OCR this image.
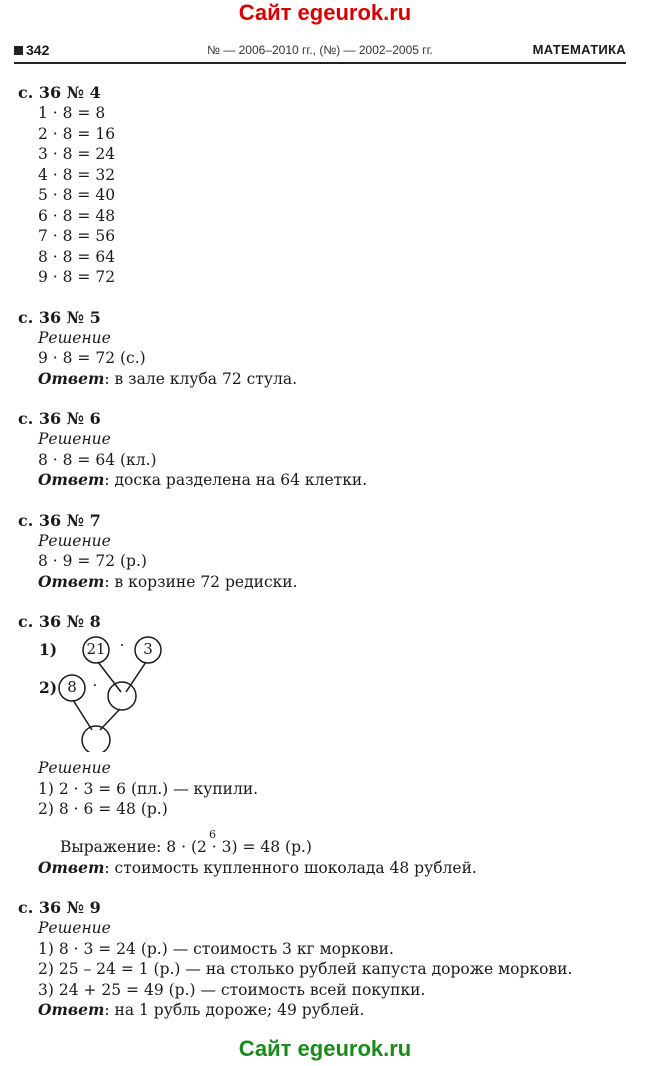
Сайт egeurok.ru
342	№ — 2006–2010 гг., (№) — 2002–2005 гг.	МАТЕМАТИКА
с. 36 № 4
1 · 8 = 8
2 · 8 = 16
3 · 8 = 24
4 · 8 = 32
5 · 8 = 40
6 · 8 = 48
7 · 8 = 56
8 · 8 = 64
9 · 8 = 72
с. 36 № 5
Решение
9 · 8 = 72 (с.)
Ответ: в зале клуба 72 стула.
с. 36 № 6
Решение
8 · 8 = 64 (кл.)
Ответ: доска разделена на 64 клетки.
с. 36 № 7
Решение
8 · 9 = 72 (р.)
Ответ: в корзине 72 редиски.
с. 36 № 8
1)
2)
21	3
8
·
·
Решение
1) 2 · 3 = 6 (пл.) — купили.
2) 8 · 6 = 48 (р.)
6
Выражение: 8 · (2 · 3) = 48 (р.)
Ответ: стоимость купленного шоколада 48 рублей.
с. 36 № 9
Решение
1) 8 · 3 = 24 (р.) — стоимость 3 кг моркови.
2) 25 – 24 = 1 (р.) — на столько рублей капуста дороже моркови.
3) 24 + 25 = 49 (р.) — стоимость всей покупки.
Ответ: на 1 рубль дороже; 49 рублей.
Сайт egeurok.ru
